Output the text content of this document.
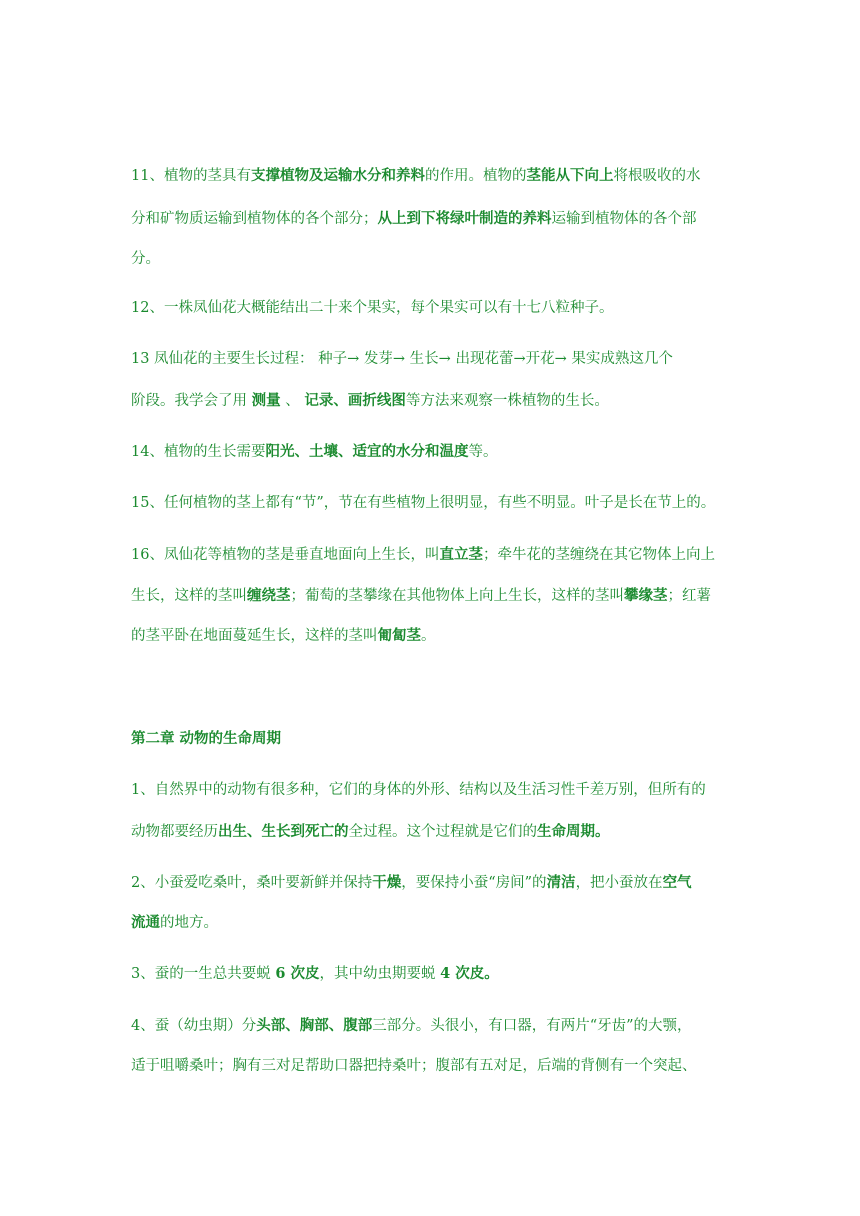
11、植物的茎具有支撑植物及运输水分和养料的作用。植物的茎能从下向上将根吸收的水
分和矿物质运输到植物体的各个部分；从上到下将绿叶制造的养料运输到植物体的各个部
分。
12、一株凤仙花大概能结出二十来个果实，每个果实可以有十七八粒种子。
13 凤仙花的主要生长过程： 种子→ 发芽→ 生长→ 出现花蕾→开花→ 果实成熟这几个
阶段。我学会了用 测量 、 记录、画折线图等方法来观察一株植物的生长。
14、植物的生长需要阳光、土壤、适宜的水分和温度等。
15、任何植物的茎上都有“节”，节在有些植物上很明显，有些不明显。叶子是长在节上的。
16、凤仙花等植物的茎是垂直地面向上生长，叫直立茎；牵牛花的茎缠绕在其它物体上向上
生长，这样的茎叫缠绕茎；葡萄的茎攀缘在其他物体上向上生长，这样的茎叫攀缘茎；红薯
的茎平卧在地面蔓延生长，这样的茎叫匍匐茎。
第二章 动物的生命周期
1、自然界中的动物有很多种，它们的身体的外形、结构以及生活习性千差万别，但所有的
动物都要经历出生、生长到死亡的全过程。这个过程就是它们的生命周期。
2、小蚕爱吃桑叶，桑叶要新鲜并保持干燥，要保持小蚕“房间”的清洁，把小蚕放在空气
流通的地方。
3、蚕的一生总共要蜕 6 次皮，其中幼虫期要蜕 4 次皮。
4、蚕（幼虫期）分头部、胸部、腹部三部分。头很小，有口器，有两片“牙齿”的大颚，
适于咀嚼桑叶；胸有三对足帮助口器把持桑叶；腹部有五对足，后端的背侧有一个突起、
